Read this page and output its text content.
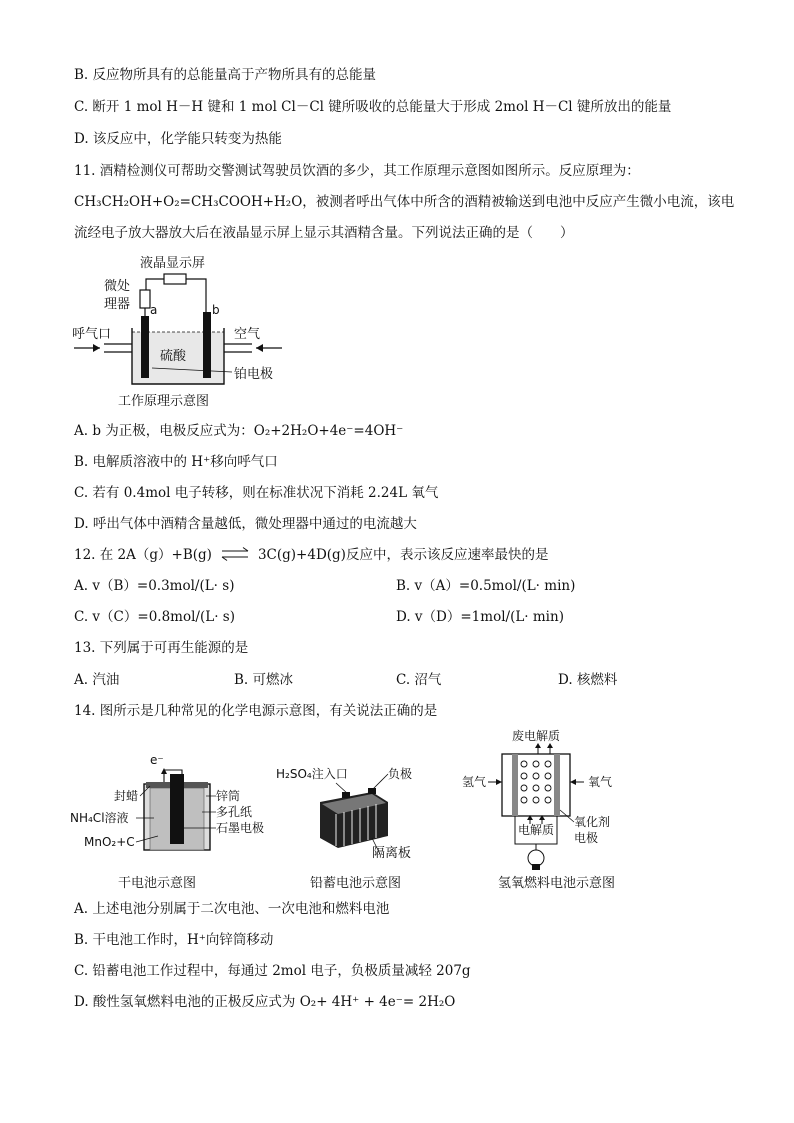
B. 反应物所具有的总能量高于产物所具有的总能量
C. 断开 1 mol H－H 键和 1 mol Cl－Cl 键所吸收的总能量大于形成 2mol H－Cl 键所放出的能量
D. 该反应中，化学能只转变为热能
11. 酒精检测仪可帮助交警测试驾驶员饮酒的多少，其工作原理示意图如图所示。反应原理为：
CH₃CH₂OH+O₂=CH₃COOH+H₂O，被测者呼出气体中所含的酒精被输送到电池中反应产生微小电流，该电
流经电子放大器放大后在液晶显示屏上显示其酒精含量。下列说法正确的是（　　）
液晶显示屏
微处
理器 a	b
呼气口	空气
硫酸
铂电极
工作原理示意图
A. b 为正极，电极反应式为：O₂+2H₂O+4e⁻=4OH⁻
B. 电解质溶液中的 H⁺移向呼气口
C. 若有 0.4mol 电子转移，则在标准状况下消耗 2.24L 氧气
D. 呼出气体中酒精含量越低，微处理器中通过的电流越大
12. 在 2A（g）+B(g) ⇌ 3C(g)+4D(g)反应中，表示该反应速率最快的是
A. v（B）=0.3mol/(L· s)	B. v（A）=0.5mol/(L· min)
C. v（C）=0.8mol/(L· s)	D. v（D）=1mol/(L· min)
13. 下列属于可再生能源的是
A. 汽油	B. 可燃冰	C. 沼气	D. 核燃料
14. 图所示是几种常见的化学电源示意图，有关说法正确的是
e⁻
封蜡
NH₄Cl溶液
MnO₂+C
锌筒
多孔纸
石墨电极
干电池示意图
H₂SO₄注入口	负极
隔离板
铅蓄电池示意图
废电解质
氢气	氧气
电解质
氧化剂
电极
氢氧燃料电池示意图
A. 上述电池分别属于二次电池、一次电池和燃料电池
B. 干电池工作时，H⁺向锌筒移动
C. 铅蓄电池工作过程中，每通过 2mol 电子，负极质量减轻 207g
D. 酸性氢氧燃料电池的正极反应式为 O₂+ 4H⁺ + 4e⁻= 2H₂O
